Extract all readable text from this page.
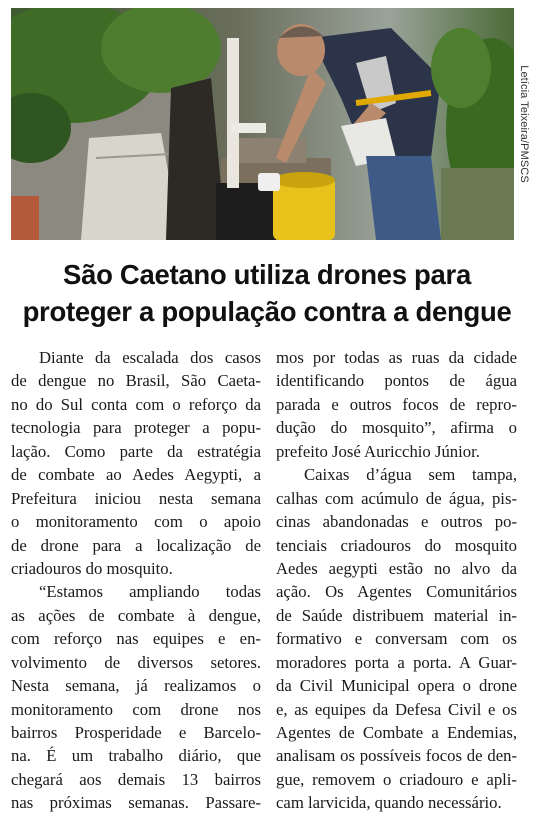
Letícia Teixeira/PMSCS
São Caetano utiliza drones para
proteger a população contra a dengue
Diante da escalada dos casos
de dengue no Brasil, São Caeta-
no do Sul conta com o reforço da
tecnologia para proteger a popu-
lação. Como parte da estratégia
de combate ao Aedes Aegypti, a
Prefeitura iniciou nesta semana
o monitoramento com o apoio
de drone para a localização de
criadouros do mosquito.
“Estamos ampliando todas
as ações de combate à dengue,
com reforço nas equipes e en-
volvimento de diversos setores.
Nesta semana, já realizamos o
monitoramento com drone nos
bairros Prosperidade e Barcelo-
na. É um trabalho diário, que
chegará aos demais 13 bairros
nas próximas semanas. Passare-
mos por todas as ruas da cidade
identificando pontos de água
parada e outros focos de repro-
dução do mosquito”, afirma o
prefeito José Auricchio Júnior.
Caixas d’água sem tampa,
calhas com acúmulo de água, pis-
cinas abandonadas e outros po-
tenciais criadouros do mosquito
Aedes aegypti estão no alvo da
ação. Os Agentes Comunitários
de Saúde distribuem material in-
formativo e conversam com os
moradores porta a porta. A Guar-
da Civil Municipal opera o drone
e, as equipes da Defesa Civil e os
Agentes de Combate a Endemias,
analisam os possíveis focos de den-
gue, removem o criadouro e apli-
cam larvicida, quando necessário.
